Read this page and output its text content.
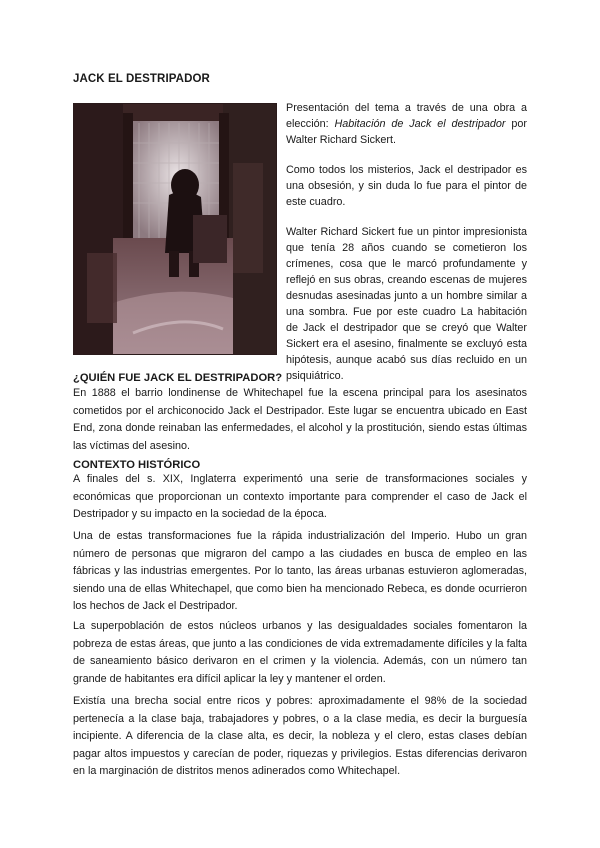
JACK EL DESTRIPADOR

Presentación del tema a través de una obra a elección: Habitación de Jack el destripador por Walter Richard Sickert.

Como todos los misterios, Jack el destripador es una obsesión, y sin duda lo fue para el pintor de este cuadro.

Walter Richard Sickert fue un pintor impresionista que tenía 28 años cuando se cometieron los crímenes, cosa que le marcó profundamente y reflejó en sus obras, creando escenas de mujeres desnudas asesinadas junto a un hombre similar a una sombra. Fue por este cuadro La habitación de Jack el destripador que se creyó que Walter Sickert era el asesino, finalmente se excluyó esta hipótesis, aunque acabó sus días recluido en un psiquiátrico.

¿QUIÉN FUE JACK EL DESTRIPADOR?

En 1888 el barrio londinense de Whitechapel fue la escena principal para los asesinatos cometidos por el archiconocido Jack el Destripador. Este lugar se encuentra ubicado en East End, zona donde reinaban las enfermedades, el alcohol y la prostitución, siendo estas últimas las víctimas del asesino.

CONTEXTO HISTÓRICO

A finales del s. XIX, Inglaterra experimentó una serie de transformaciones sociales y económicas que proporcionan un contexto importante para comprender el caso de Jack el Destripador y su impacto en la sociedad de la época.

Una de estas transformaciones fue la rápida industrialización del Imperio. Hubo un gran número de personas que migraron del campo a las ciudades en busca de empleo en las fábricas y las industrias emergentes. Por lo tanto, las áreas urbanas estuvieron aglomeradas, siendo una de ellas Whitechapel, que como bien ha mencionado Rebeca, es donde ocurrieron los hechos de Jack el Destripador.

La superpoblación de estos núcleos urbanos y las desigualdades sociales fomentaron la pobreza de estas áreas, que junto a las condiciones de vida extremadamente difíciles y la falta de saneamiento básico derivaron en el crimen y la violencia. Además, con un número tan grande de habitantes era difícil aplicar la ley y mantener el orden.

Existía una brecha social entre ricos y pobres: aproximadamente el 98% de la sociedad pertenecía a la clase baja, trabajadores y pobres, o a la clase media, es decir la burguesía incipiente. A diferencia de la clase alta, es decir, la nobleza y el clero, estas clases debían pagar altos impuestos y carecían de poder, riquezas y privilegios. Estas diferencias derivaron en la marginación de distritos menos adinerados como Whitechapel.
